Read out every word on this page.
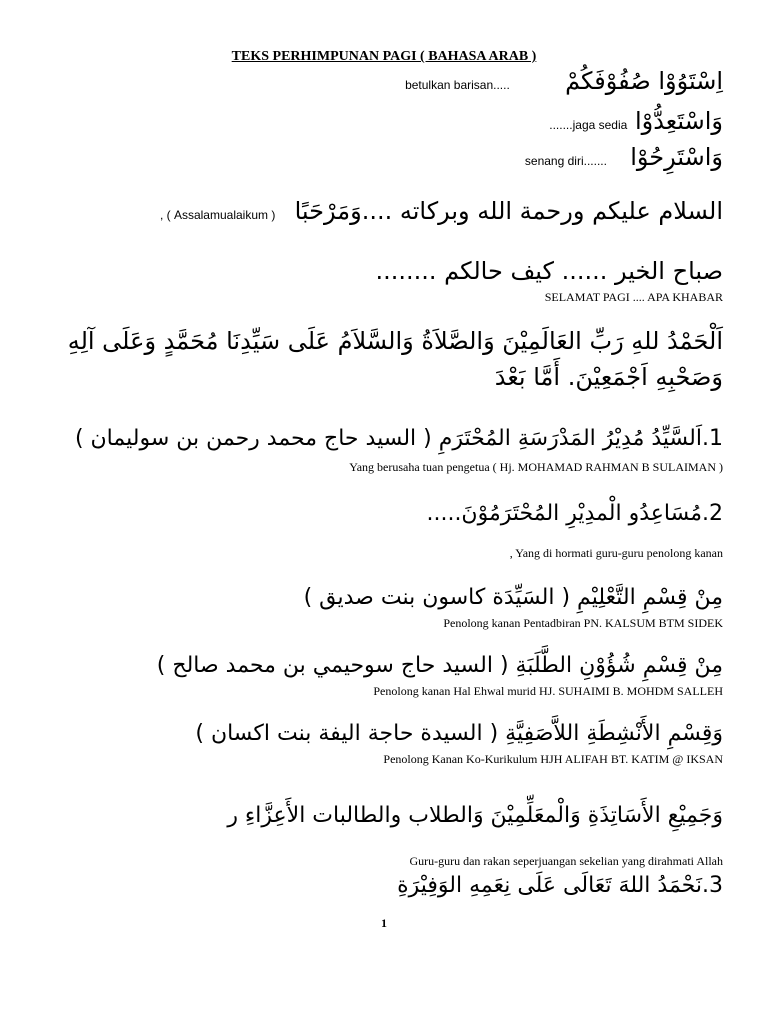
TEKS PERHIMPUNAN PAGI ( BAHASA ARAB )
اِسْتَوُوْا صُفُوْفَكُمْ  betulkan barisan.....
وَاسْتَعِدُّوْا .......jaga sedia
وَاسْتَرِحُوْا  senang diri.......
السلام عليكم ورحمة الله وبركاته ....وَمَرْحَبًا  , ( Assalamualaikum )
صباح الخير ...... كيف حالكم ........
SELAMAT PAGI .... APA KHABAR
اَلْحَمْدُ للهِ رَبِّ العَالَمِيْنَ وَالصَّلاَةُ وَالسَّلاَمُ عَلَى سَيِّدِنَا مُحَمَّدٍ وَعَلَى آلِهِ
وَصَحْبِهِ اَجْمَعِيْنَ. أَمَّا بَعْدَ
1.اَلسَّيِّدُ مُدِيْرُ المَدْرَسَةِ المُحْتَرَمِ ( السيد حاج محمد رحمن بن سوليمان )
Yang berusaha tuan pengetua ( Hj. MOHAMAD RAHMAN B SULAIMAN )
2.مُسَاعِدُو الْمدِيْرِ المُحْتَرَمُوْنَ.....
, Yang di hormati guru-guru penolong kanan
مِنْ قِسْمِ التَّعْلِيْمِ ( السَيِّدَة كاسون بنت صديق )
Penolong kanan Pentadbiran PN. KALSUM BTM SIDEK
مِنْ قِسْمِ شُؤُوْنِ الطَّلَبَةِ ( السيد حاج سوحيمي بن محمد صالح )
Penolong kanan Hal Ehwal murid HJ. SUHAIMI B. MOHDM SALLEH
وَقِسْمِ الأَنْشِطَةِ اللاَّصَفِيَّةِ ( السيدة حاجة اليفة بنت اكسان )
Penolong Kanan Ko-Kurikulum HJH ALIFAH BT. KATIM @ IKSAN
وَجَمِيْعِ الأَسَاتِذَةِ وَالْمعَلِّمِيْنَ وَالطلاب والطالبات الأَعِزَّاءِ ر
Guru-guru dan rakan seperjuangan sekelian yang dirahmati Allah
3.نَحْمَدُ اللهَ تَعَالَى عَلَى نِعَمِهِ الوَفِيْرَةِ
1
